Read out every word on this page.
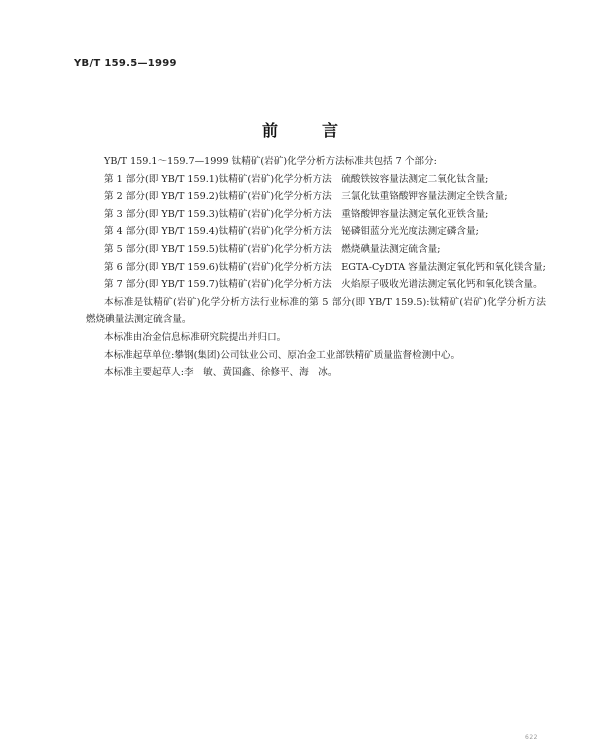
YB/T 159.5—1999
前言

YB/T 159.1～159.7—1999 钛精矿(岩矿)化学分析方法标准共包括 7 个部分:

第 1 部分(即 YB/T 159.1)钛精矿(岩矿)化学分析方法　硫酸铁铵容量法测定二氧化钛含量;

第 2 部分(即 YB/T 159.2)钛精矿(岩矿)化学分析方法　三氯化钛重铬酸钾容量法测定全铁含量;

第 3 部分(即 YB/T 159.3)钛精矿(岩矿)化学分析方法　重铬酸钾容量法测定氧化亚铁含量;

第 4 部分(即 YB/T 159.4)钛精矿(岩矿)化学分析方法　铋磷钼蓝分光光度法测定磷含量;

第 5 部分(即 YB/T 159.5)钛精矿(岩矿)化学分析方法　燃烧碘量法测定硫含量;

第 6 部分(即 YB/T 159.6)钛精矿(岩矿)化学分析方法　EGTA-CyDTA 容量法测定氧化钙和氧化镁含量;

第 7 部分(即 YB/T 159.7)钛精矿(岩矿)化学分析方法　火焰原子吸收光谱法测定氧化钙和氧化镁含量。

本标准是钛精矿(岩矿)化学分析方法行业标准的第 5 部分(即 YB/T 159.5):钛精矿(岩矿)化学分析方法　燃烧碘量法测定硫含量。

本标准由冶金信息标准研究院提出并归口。

本标准起草单位:攀钢(集团)公司钛业公司、原冶金工业部铁精矿质量监督检测中心。

本标准主要起草人:李　敏、黄国鑫、徐修平、海　冰。

622
